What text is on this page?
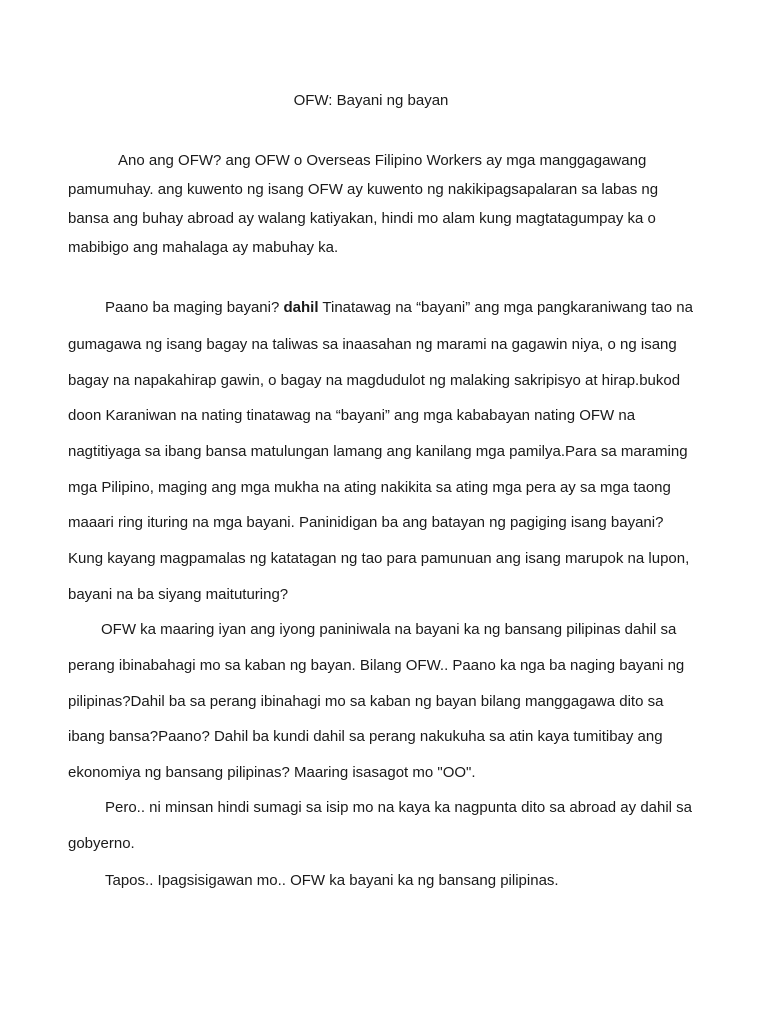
OFW: Bayani ng bayan
Ano ang OFW? ang OFW o Overseas Filipino Workers ay mga manggagawang
pamumuhay. ang kuwento ng isang OFW ay kuwento ng nakikipagsapalaran sa labas ng
bansa ang buhay abroad ay walang katiyakan, hindi mo alam kung magtatagumpay ka o
mabibigo ang mahalaga ay mabuhay ka.
Paano ba maging bayani? dahil Tinatawag na “bayani” ang mga pangkaraniwang tao na
gumagawa ng isang bagay na taliwas sa inaasahan ng marami na gagawin niya, o ng isang
bagay na napakahirap gawin, o bagay na magdudulot ng malaking sakripisyo at hirap.bukod
doon Karaniwan na nating tinatawag na “bayani” ang mga kababayan nating OFW na
nagtitiyaga sa ibang bansa matulungan lamang ang kanilang mga pamilya.Para sa maraming
mga Pilipino, maging ang mga mukha na ating nakikita sa ating mga pera ay sa mga taong
maaari ring ituring na mga bayani. Paninidigan ba ang batayan ng pagiging isang bayani?
Kung kayang magpamalas ng katatagan ng tao para pamunuan ang isang marupok na lupon,
bayani na ba siyang maituturing?
OFW ka maaring iyan ang iyong paniniwala na bayani ka ng bansang pilipinas dahil sa
perang ibinabahagi mo sa kaban ng bayan. Bilang OFW.. Paano ka nga ba naging bayani ng
pilipinas?Dahil ba sa perang ibinahagi mo sa kaban ng bayan bilang manggagawa dito sa
ibang bansa?Paano? Dahil ba kundi dahil sa perang nakukuha sa atin kaya tumitibay ang
ekonomiya ng bansang pilipinas? Maaring isasagot mo "OO".
Pero.. ni minsan hindi sumagi sa isip mo na kaya ka nagpunta dito sa abroad ay dahil sa
gobyerno.
Tapos.. Ipagsisigawan mo.. OFW ka bayani ka ng bansang pilipinas.
